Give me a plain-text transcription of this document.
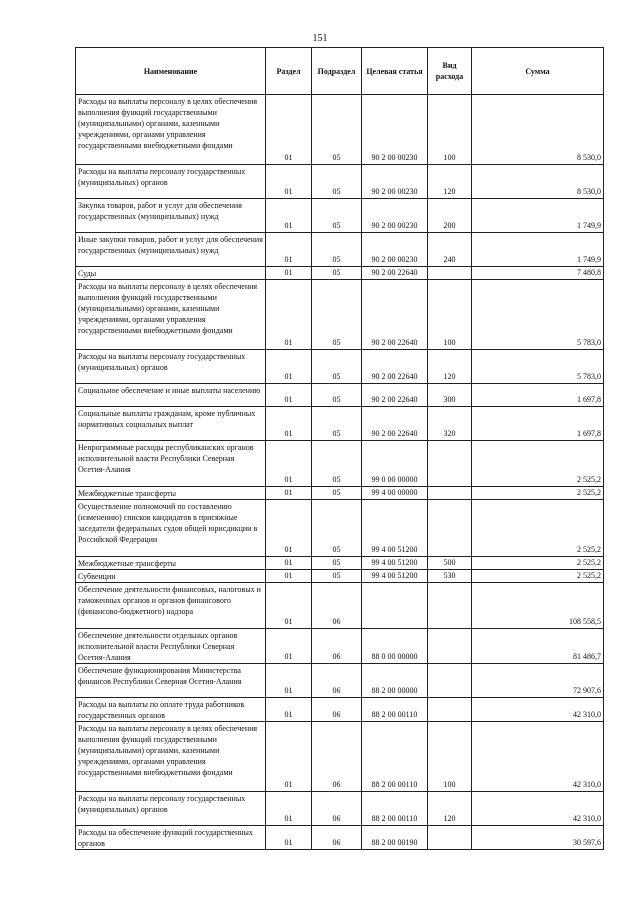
151
Наименование	Раздел	Подраздел	Целевая статья	Вид расхода	Сумма
Расходы на выплаты персоналу в целях обеспечения выполнения функций государственными (муниципальными) органами, казенными учреждениями, органами управления государственными внебюджетными фондами	01	05	90 2 00 00230	100	8 530,0
Расходы на выплаты персоналу государственных (муниципальных) органов	01	05	90 2 00 00230	120	8 530,0
Закупка товаров, работ и услуг для обеспечения государственных (муниципальных) нужд	01	05	90 2 00 00230	200	1 749,9
Иные закупки товаров, работ и услуг для обеспечения государственных (муниципальных) нужд	01	05	90 2 00 00230	240	1 749,9
Суды	01	05	90 2 00 22640		7 480,8
Расходы на выплаты персоналу в целях обеспечения выполнения функций государственными (муниципальными) органами, казенными учреждениями, органами управления государственными внебюджетными фондами	01	05	90 2 00 22640	100	5 783,0
Расходы на выплаты персоналу государственных (муниципальных) органов	01	05	90 2 00 22640	120	5 783,0
Социальное обеспечение и иные выплаты населению	01	05	90 2 00 22640	300	1 697,8
Социальные выплаты гражданам, кроме публичных нормативных социальных выплат	01	05	90 2 00 22640	320	1 697,8
Непрограммные расходы республиканских органов исполнительной власти Республики Северная Осетия-Алания	01	05	99 0 00 00000		2 525,2
Межбюджетные трансферты	01	05	99 4 00 00000		2 525,2
Осуществление полномочий по составлению (изменению) списков кандидатов в присяжные заседатели федеральных судов общей юрисдикции в Российской Федерации	01	05	99 4 00 51200		2 525,2
Межбюджетные трансферты	01	05	99 4 00 51200	500	2 525,2
Субвенции	01	05	99 4 00 51200	530	2 525,2
Обеспечение деятельности финансовых, налоговых и таможенных органов и органов финансового (финансово-бюджетного) надзора	01	06			108 558,5
Обеспечение деятельности отдельных органов исполнительной власти Республики Северная Осетия-Алания	01	06	88 0 00 00000		81 486,7
Обеспечение функционирования Министерства финансов Республики Северная Осетия-Алания	01	06	88 2 00 00000		72 907,6
Расходы на выплаты по оплате труда работников государственных органов	01	06	88 2 00 00110		42 310,0
Расходы на выплаты персоналу в целях обеспечения выполнения функций государственными (муниципальными) органами, казенными учреждениями, органами управления государственными внебюджетными фондами	01	06	88 2 00 00110	100	42 310,0
Расходы на выплаты персоналу государственных (муниципальных) органов	01	06	88 2 00 00110	120	42 310,0
Расходы на обеспечение функций государственных органов	01	06	88 2 00 00190		30 597,6
